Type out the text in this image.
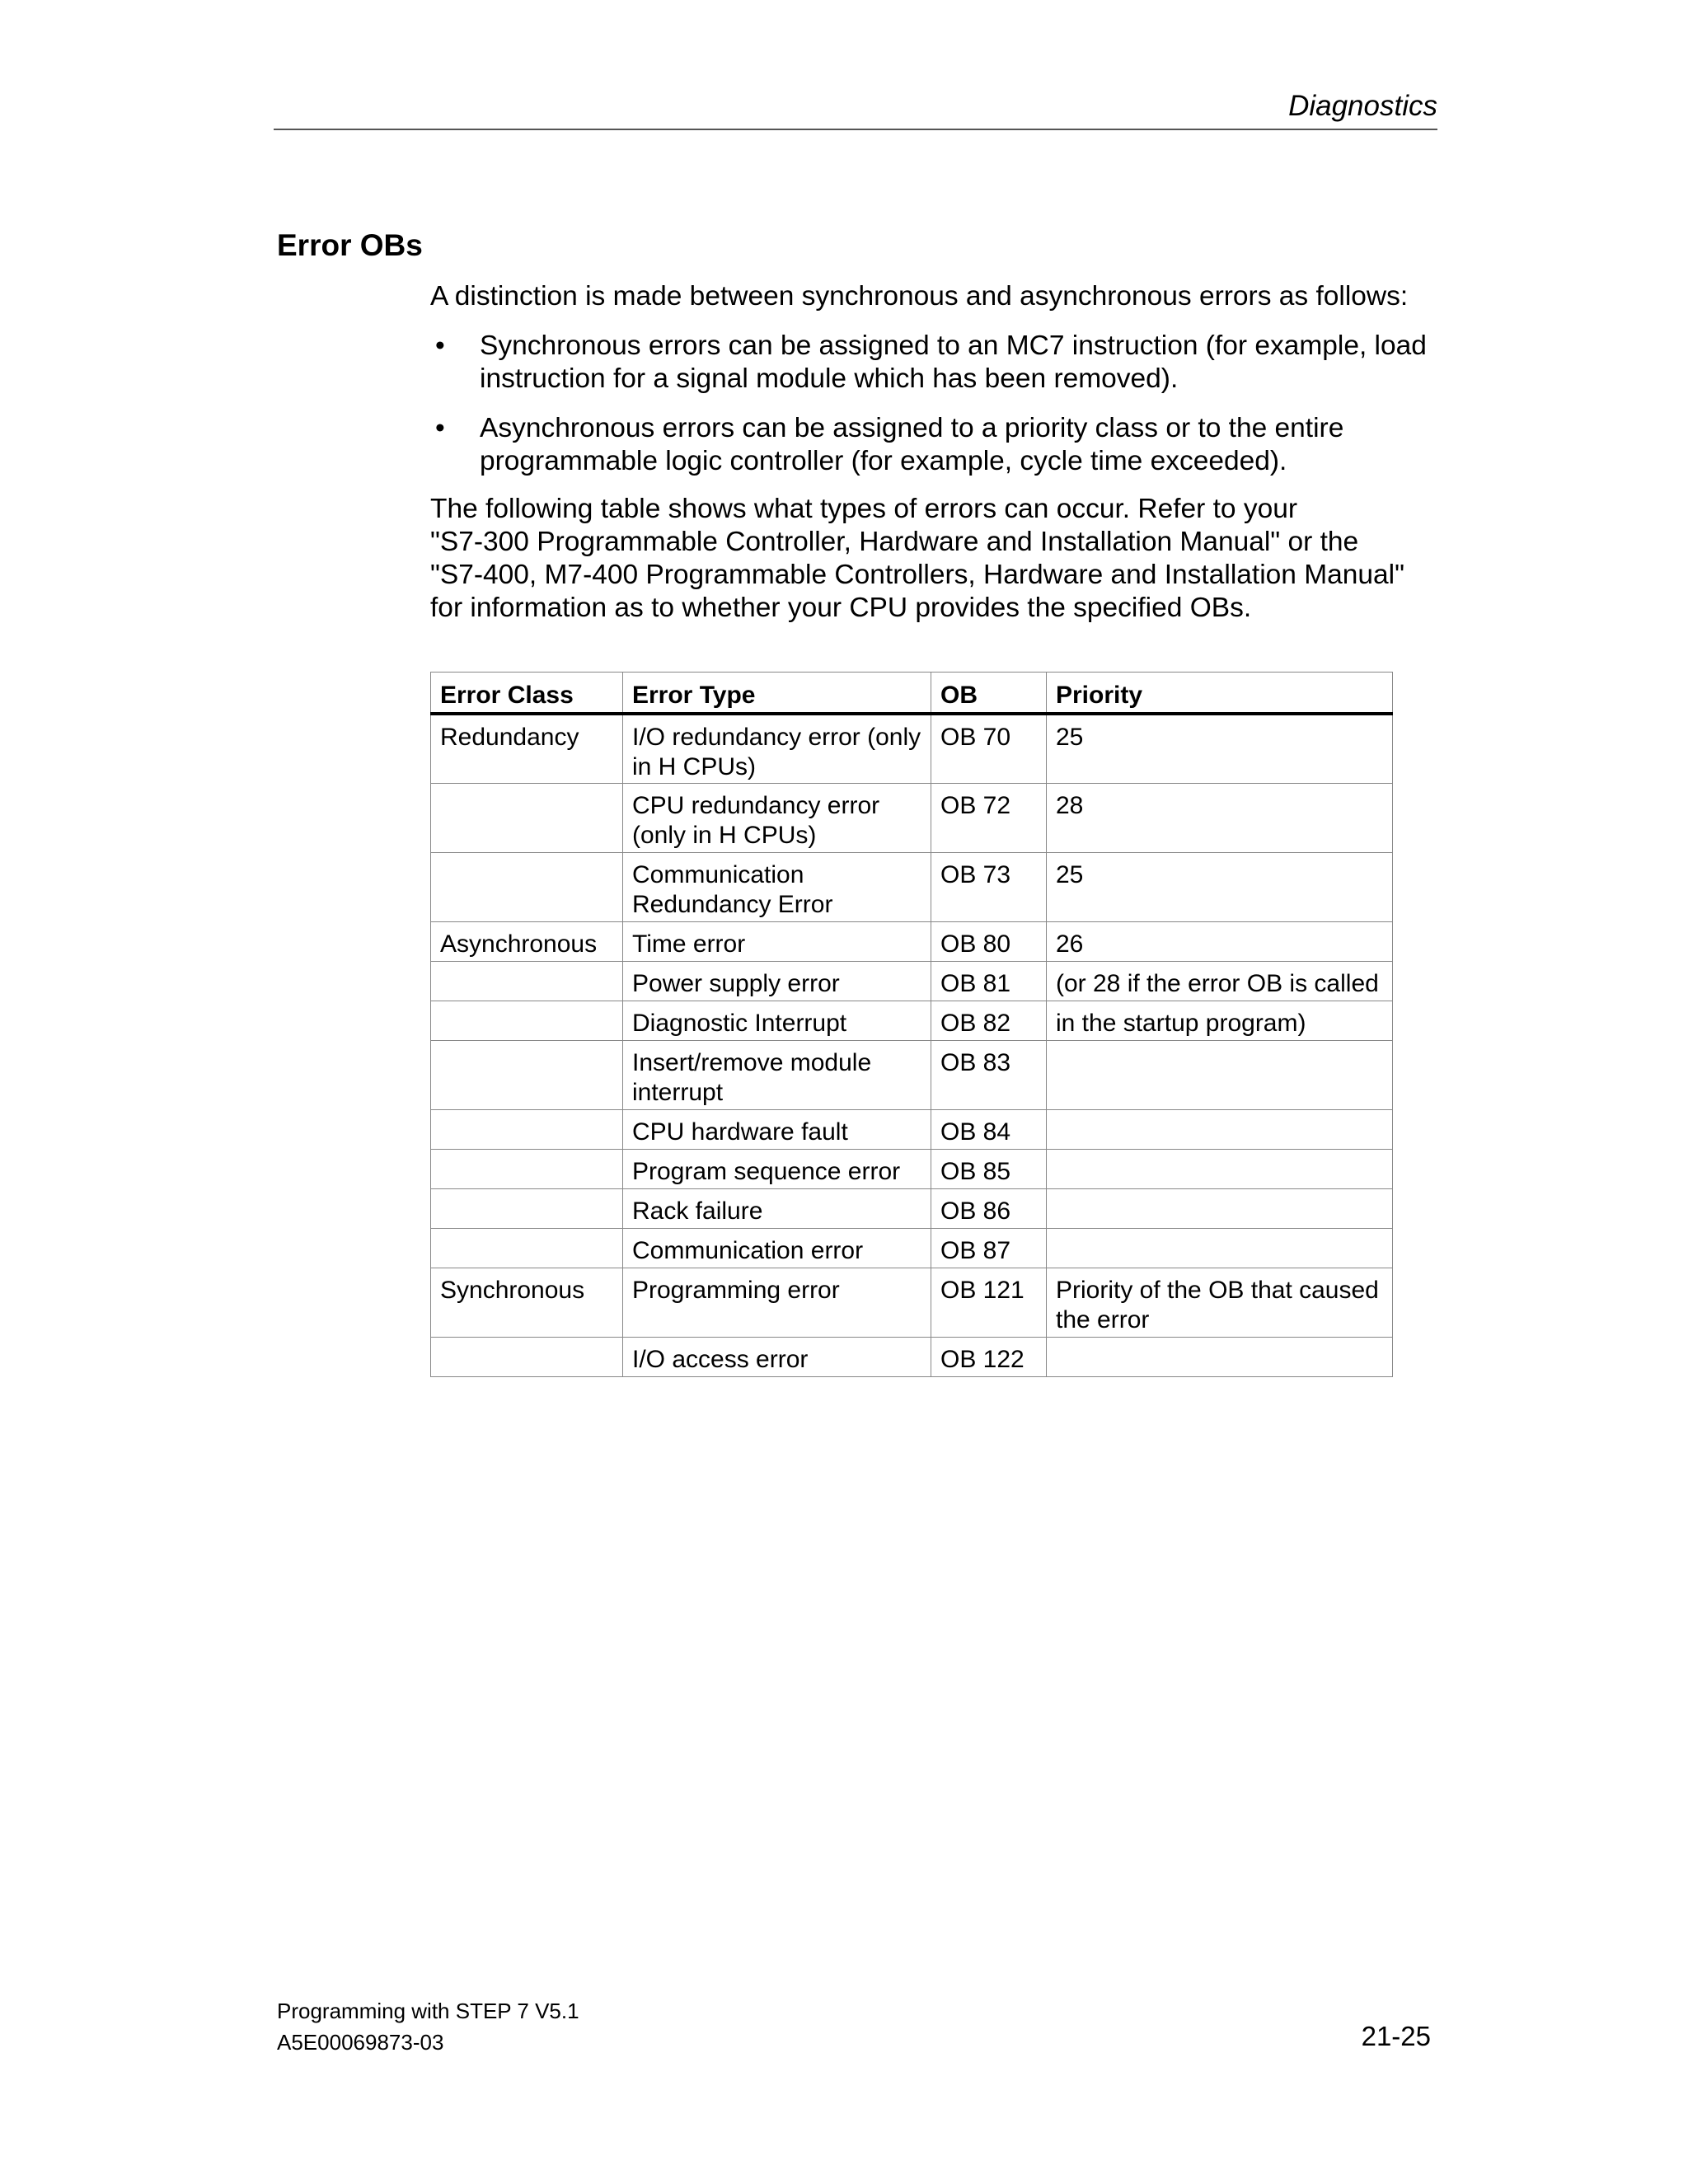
Diagnostics
Error OBs

A distinction is made between synchronous and asynchronous errors as follows:

•	Synchronous errors can be assigned to an MC7 instruction (for example, load
instruction for a signal module which has been removed).
•	Asynchronous errors can be assigned to a priority class or to the entire
programmable logic controller (for example, cycle time exceeded).
The following table shows what types of errors can occur. Refer to your
"S7-300 Programmable Controller, Hardware and Installation Manual" or the
"S7-400, M7-400 Programmable Controllers, Hardware and Installation Manual"
for information as to whether your CPU provides the specified OBs.
Error Class	Error Type	OB	Priority
Redundancy	I/O redundancy error (only
in H CPUs)	OB 70	25

	CPU redundancy error
(only in H CPUs)	OB 72	28

	Communication
Redundancy Error	OB 73	25

Asynchronous	Time error	OB 80	26

	Power supply error	OB 81	(or 28 if the error OB is called

	Diagnostic Interrupt	OB 82	in the startup program)

	Insert/remove module
interrupt	OB 83	

	CPU hardware fault	OB 84	

	Program sequence error	OB 85	

	Rack failure	OB 86	

	Communication error	OB 87	

Synchronous	Programming error	OB 121	Priority of the OB that caused
the error

	I/O access error	OB 122	
Programming with STEP 7 V5.1
A5E00069873-03	21-25
